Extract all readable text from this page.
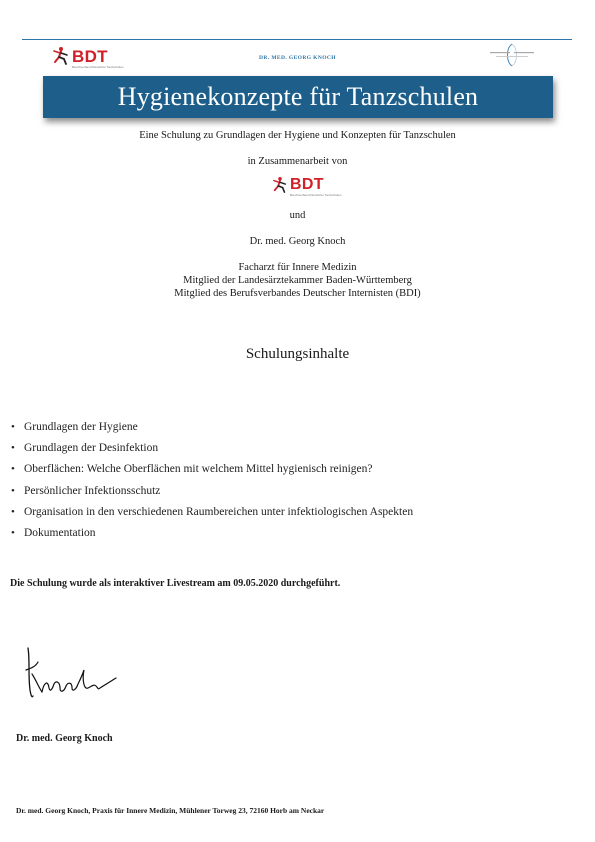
BDT
Berufsverband Deutscher Tanzschulen
DR. MED. GEORG KNOCH
Hygienekonzepte für Tanzschulen
Eine Schulung zu Grundlagen der Hygiene und Konzepten für Tanzschulen
in Zusammenarbeit von
BDT
Berufsverband Deutscher Tanzschulen
und
Dr. med. Georg Knoch
Facharzt für Innere Medizin
Mitglied der Landesärztekammer Baden-Württemberg
Mitglied des Berufsverbandes Deutscher Internisten (BDI)
Schulungsinhalte
• Grundlagen der Hygiene
• Grundlagen der Desinfektion
• Oberflächen: Welche Oberflächen mit welchem Mittel hygienisch reinigen?
• Persönlicher Infektionsschutz
• Organisation in den verschiedenen Raumbereichen unter infektiologischen Aspekten
• Dokumentation
Die Schulung wurde als interaktiver Livestream am 09.05.2020 durchgeführt.
Dr. med. Georg Knoch
Dr. med. Georg Knoch, Praxis für Innere Medizin, Mühlener Torweg 23, 72160 Horb am Neckar
